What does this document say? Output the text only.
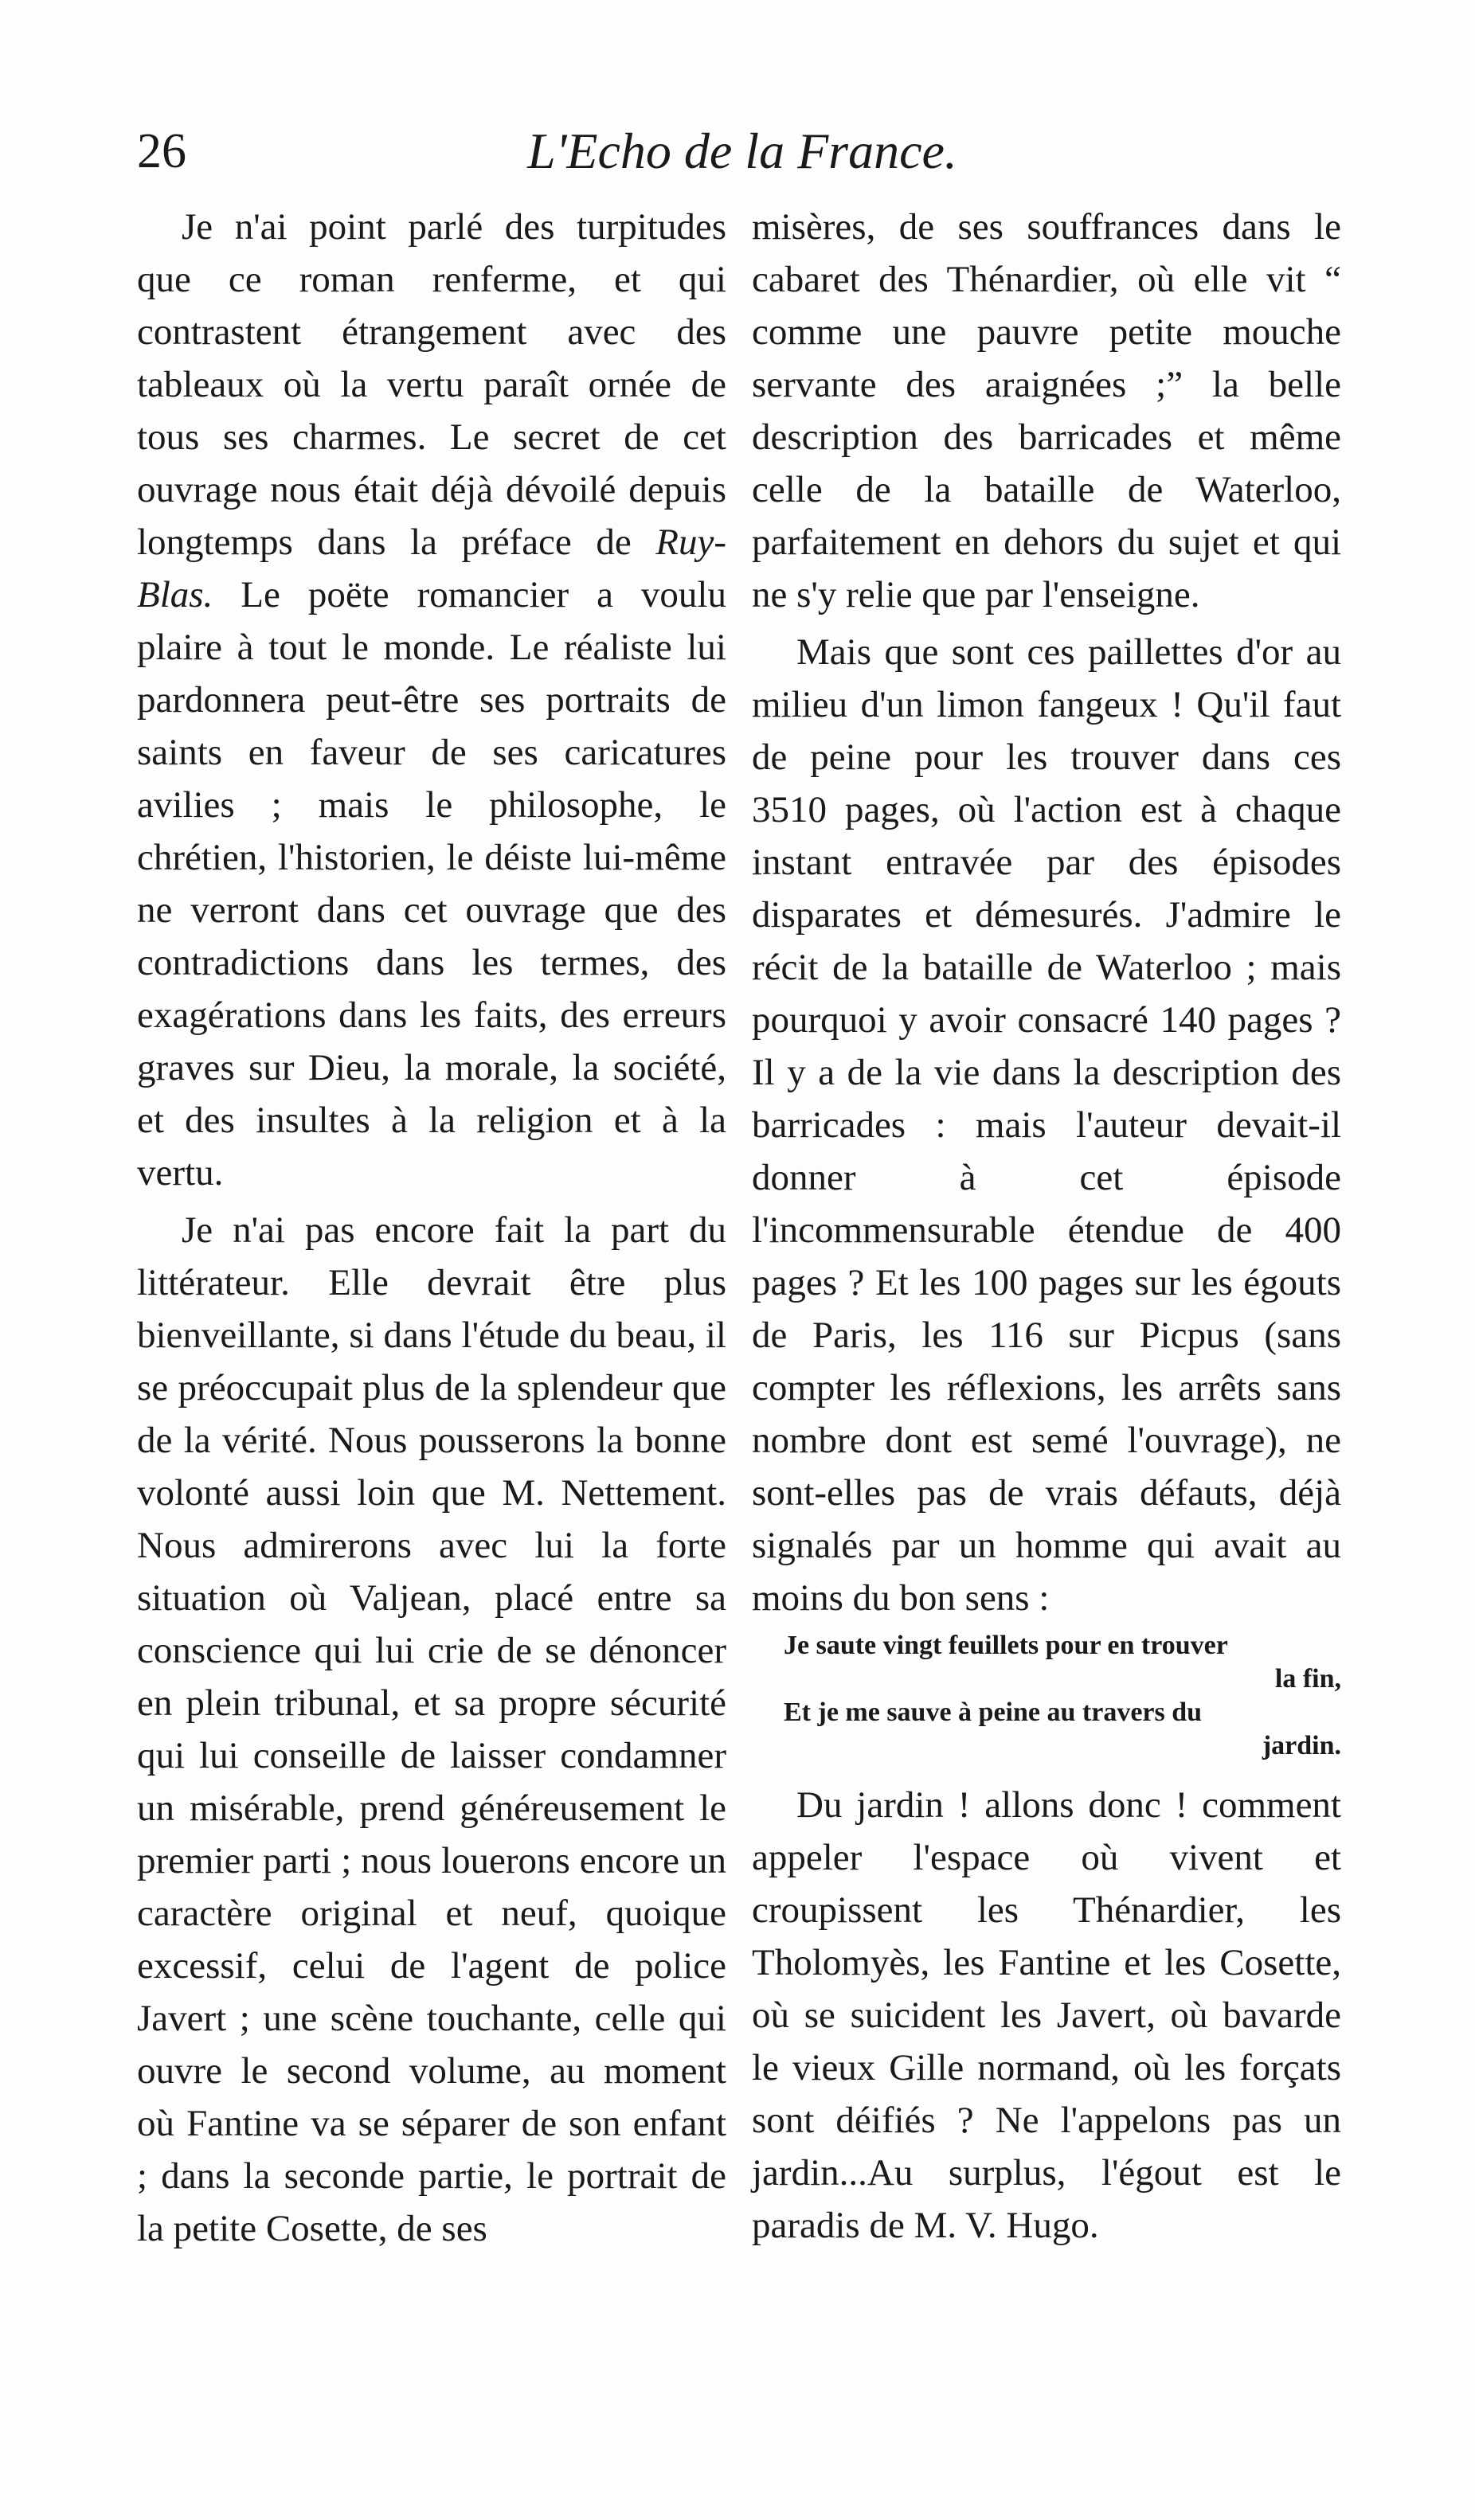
26	L'Echo de la France.

Je n'ai point parlé des turpitudes que ce roman renferme, et qui contrastent étrangement avec des tableaux où la vertu paraît ornée de tous ses charmes. Le secret de cet ouvrage nous était déjà dévoilé depuis longtemps dans la préface de Ruy-Blas. Le poëte romancier a voulu plaire à tout le monde. Le réaliste lui pardonnera peut-être ses portraits de saints en faveur de ses caricatures avilies ; mais le philosophe, le chrétien, l'historien, le déiste lui-même ne verront dans cet ouvrage que des contradictions dans les termes, des exagérations dans les faits, des erreurs graves sur Dieu, la morale, la société, et des insultes à la religion et à la vertu.

Je n'ai pas encore fait la part du littérateur. Elle devrait être plus bienveillante, si dans l'étude du beau, il se préoccupait plus de la splendeur que de la vérité. Nous pousserons la bonne volonté aussi loin que M. Nettement. Nous admirerons avec lui la forte situation où Valjean, placé entre sa conscience qui lui crie de se dénoncer en plein tribunal, et sa propre sécurité qui lui conseille de laisser condamner un misérable, prend généreusement le premier parti ; nous louerons encore un caractère original et neuf, quoique excessif, celui de l'agent de police Javert ; une scène touchante, celle qui ouvre le second volume, au moment où Fantine va se séparer de son enfant ; dans la seconde partie, le portrait de la petite Cosette, de ses

misères, de ses souffrances dans le cabaret des Thénardier, où elle vit “ comme une pauvre petite mouche servante des araignées ;” la belle description des barricades et même celle de la bataille de Waterloo, parfaitement en dehors du sujet et qui ne s'y relie que par l'enseigne.

Mais que sont ces paillettes d'or au milieu d'un limon fangeux ! Qu'il faut de peine pour les trouver dans ces 3510 pages, où l'action est à chaque instant entravée par des épisodes disparates et démesurés. J'admire le récit de la bataille de Waterloo ; mais pourquoi y avoir consacré 140 pages ? Il y a de la vie dans la description des barricades : mais l'auteur devait-il donner à cet épisode l'incommensurable étendue de 400 pages ? Et les 100 pages sur les égouts de Paris, les 116 sur Picpus (sans compter les réflexions, les arrêts sans nombre dont est semé l'ouvrage), ne sont-elles pas de vrais défauts, déjà signalés par un homme qui avait au moins du bon sens :

Je saute vingt feuillets pour en trouver
la fin,
Et je me sauve à peine au travers du
jardin.

Du jardin ! allons donc ! comment appeler l'espace où vivent et croupissent les Thénardier, les Tholomyès, les Fantine et les Cosette, où se suicident les Javert, où bavarde le vieux Gille normand, où les forçats sont déifiés ? Ne l'appelons pas un jardin...Au surplus, l'égout est le paradis de M. V. Hugo.
